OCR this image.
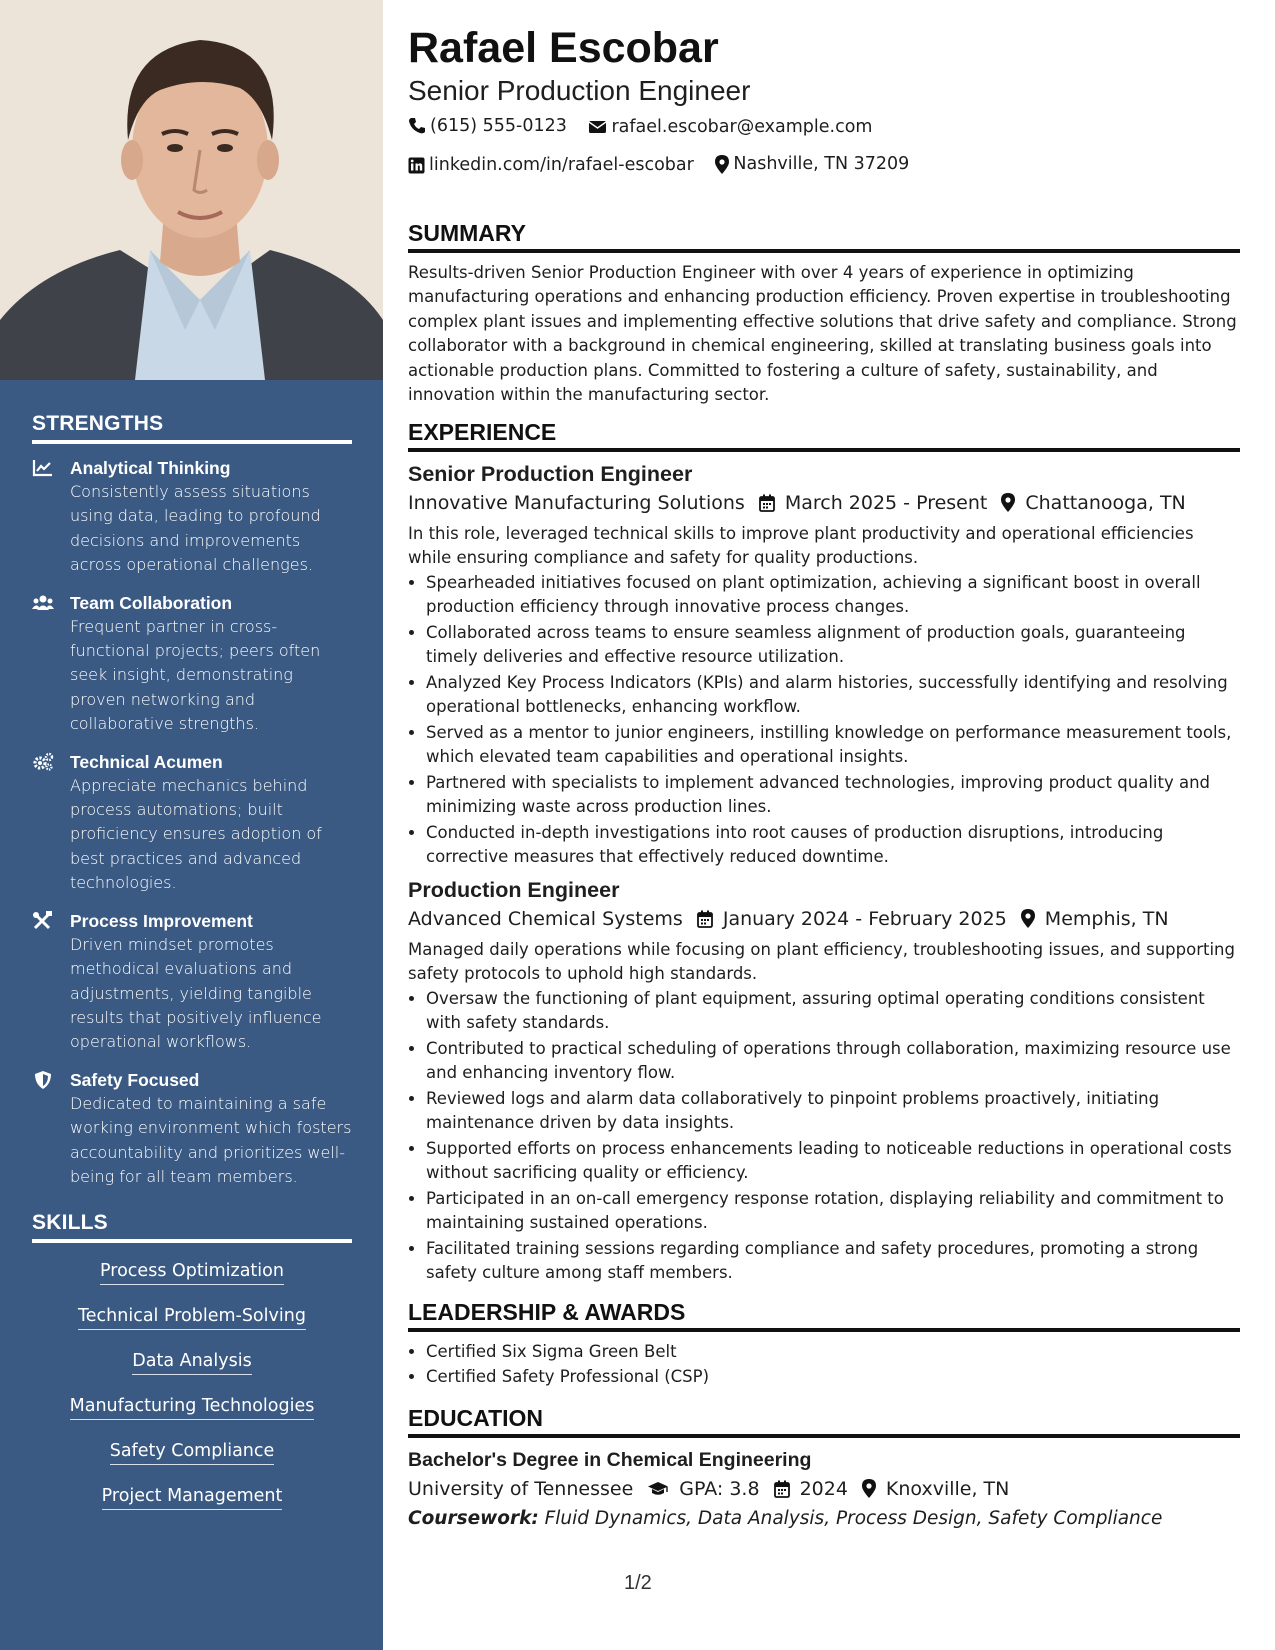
STRENGTHS
Analytical Thinking
Consistently assess situations using data, leading to profound decisions and improvements across operational challenges.
Team Collaboration
Frequent partner in cross-functional projects; peers often seek insight, demonstrating proven networking and collaborative strengths.
Technical Acumen
Appreciate mechanics behind process automations; built proficiency ensures adoption of best practices and advanced technologies.
Process Improvement
Driven mindset promotes methodical evaluations and adjustments, yielding tangible results that positively influence operational workflows.
Safety Focused
Dedicated to maintaining a safe working environment which fosters accountability and prioritizes well-being for all team members.
SKILLS
Process Optimization
Technical Problem-Solving
Data Analysis
Manufacturing Technologies
Safety Compliance
Project Management
Rafael Escobar
Senior Production Engineer
(615) 555-0123
	rafael.escobar@example.com
linkedin.com/in/rafael-escobar
Nashville, TN 37209
SUMMARY
Results-driven Senior Production Engineer with over 4 years of experience in optimizing manufacturing operations and enhancing production efficiency. Proven expertise in troubleshooting complex plant issues and implementing effective solutions that drive safety and compliance. Strong collaborator with a background in chemical engineering, skilled at translating business goals into actionable production plans. Committed to fostering a culture of safety, sustainability, and innovation within the manufacturing sector.
EXPERIENCE
Senior Production Engineer
Innovative Manufacturing Solutions March 2025 - Present Chattanooga, TN
In this role, leveraged technical skills to improve plant productivity and operational efficiencies while ensuring compliance and safety for quality productions.
• Spearheaded initiatives focused on plant optimization, achieving a significant boost in overall production efficiency through innovative process changes.
• Collaborated across teams to ensure seamless alignment of production goals, guaranteeing timely deliveries and effective resource utilization.
• Analyzed Key Process Indicators (KPIs) and alarm histories, successfully identifying and resolving operational bottlenecks, enhancing workflow.
• Served as a mentor to junior engineers, instilling knowledge on performance measurement tools, which elevated team capabilities and operational insights.
• Partnered with specialists to implement advanced technologies, improving product quality and minimizing waste across production lines.
• Conducted in-depth investigations into root causes of production disruptions, introducing corrective measures that effectively reduced downtime.
Production Engineer
Advanced Chemical Systems January 2024 - February 2025 Memphis, TN
Managed daily operations while focusing on plant efficiency, troubleshooting issues, and supporting safety protocols to uphold high standards.
• Oversaw the functioning of plant equipment, assuring optimal operating conditions consistent with safety standards.
• Contributed to practical scheduling of operations through collaboration, maximizing resource use and enhancing inventory flow.
• Reviewed logs and alarm data collaboratively to pinpoint problems proactively, initiating maintenance driven by data insights.
• Supported efforts on process enhancements leading to noticeable reductions in operational costs without sacrificing quality or efficiency.
• Participated in an on-call emergency response rotation, displaying reliability and commitment to maintaining sustained operations.
• Facilitated training sessions regarding compliance and safety procedures, promoting a strong safety culture among staff members.
LEADERSHIP & AWARDS
• Certified Six Sigma Green Belt
• Certified Safety Professional (CSP)
EDUCATION
Bachelor's Degree in Chemical Engineering
University of Tennessee GPA: 3.8 2024 Knoxville, TN
Coursework: Fluid Dynamics, Data Analysis, Process Design, Safety Compliance
1/2
